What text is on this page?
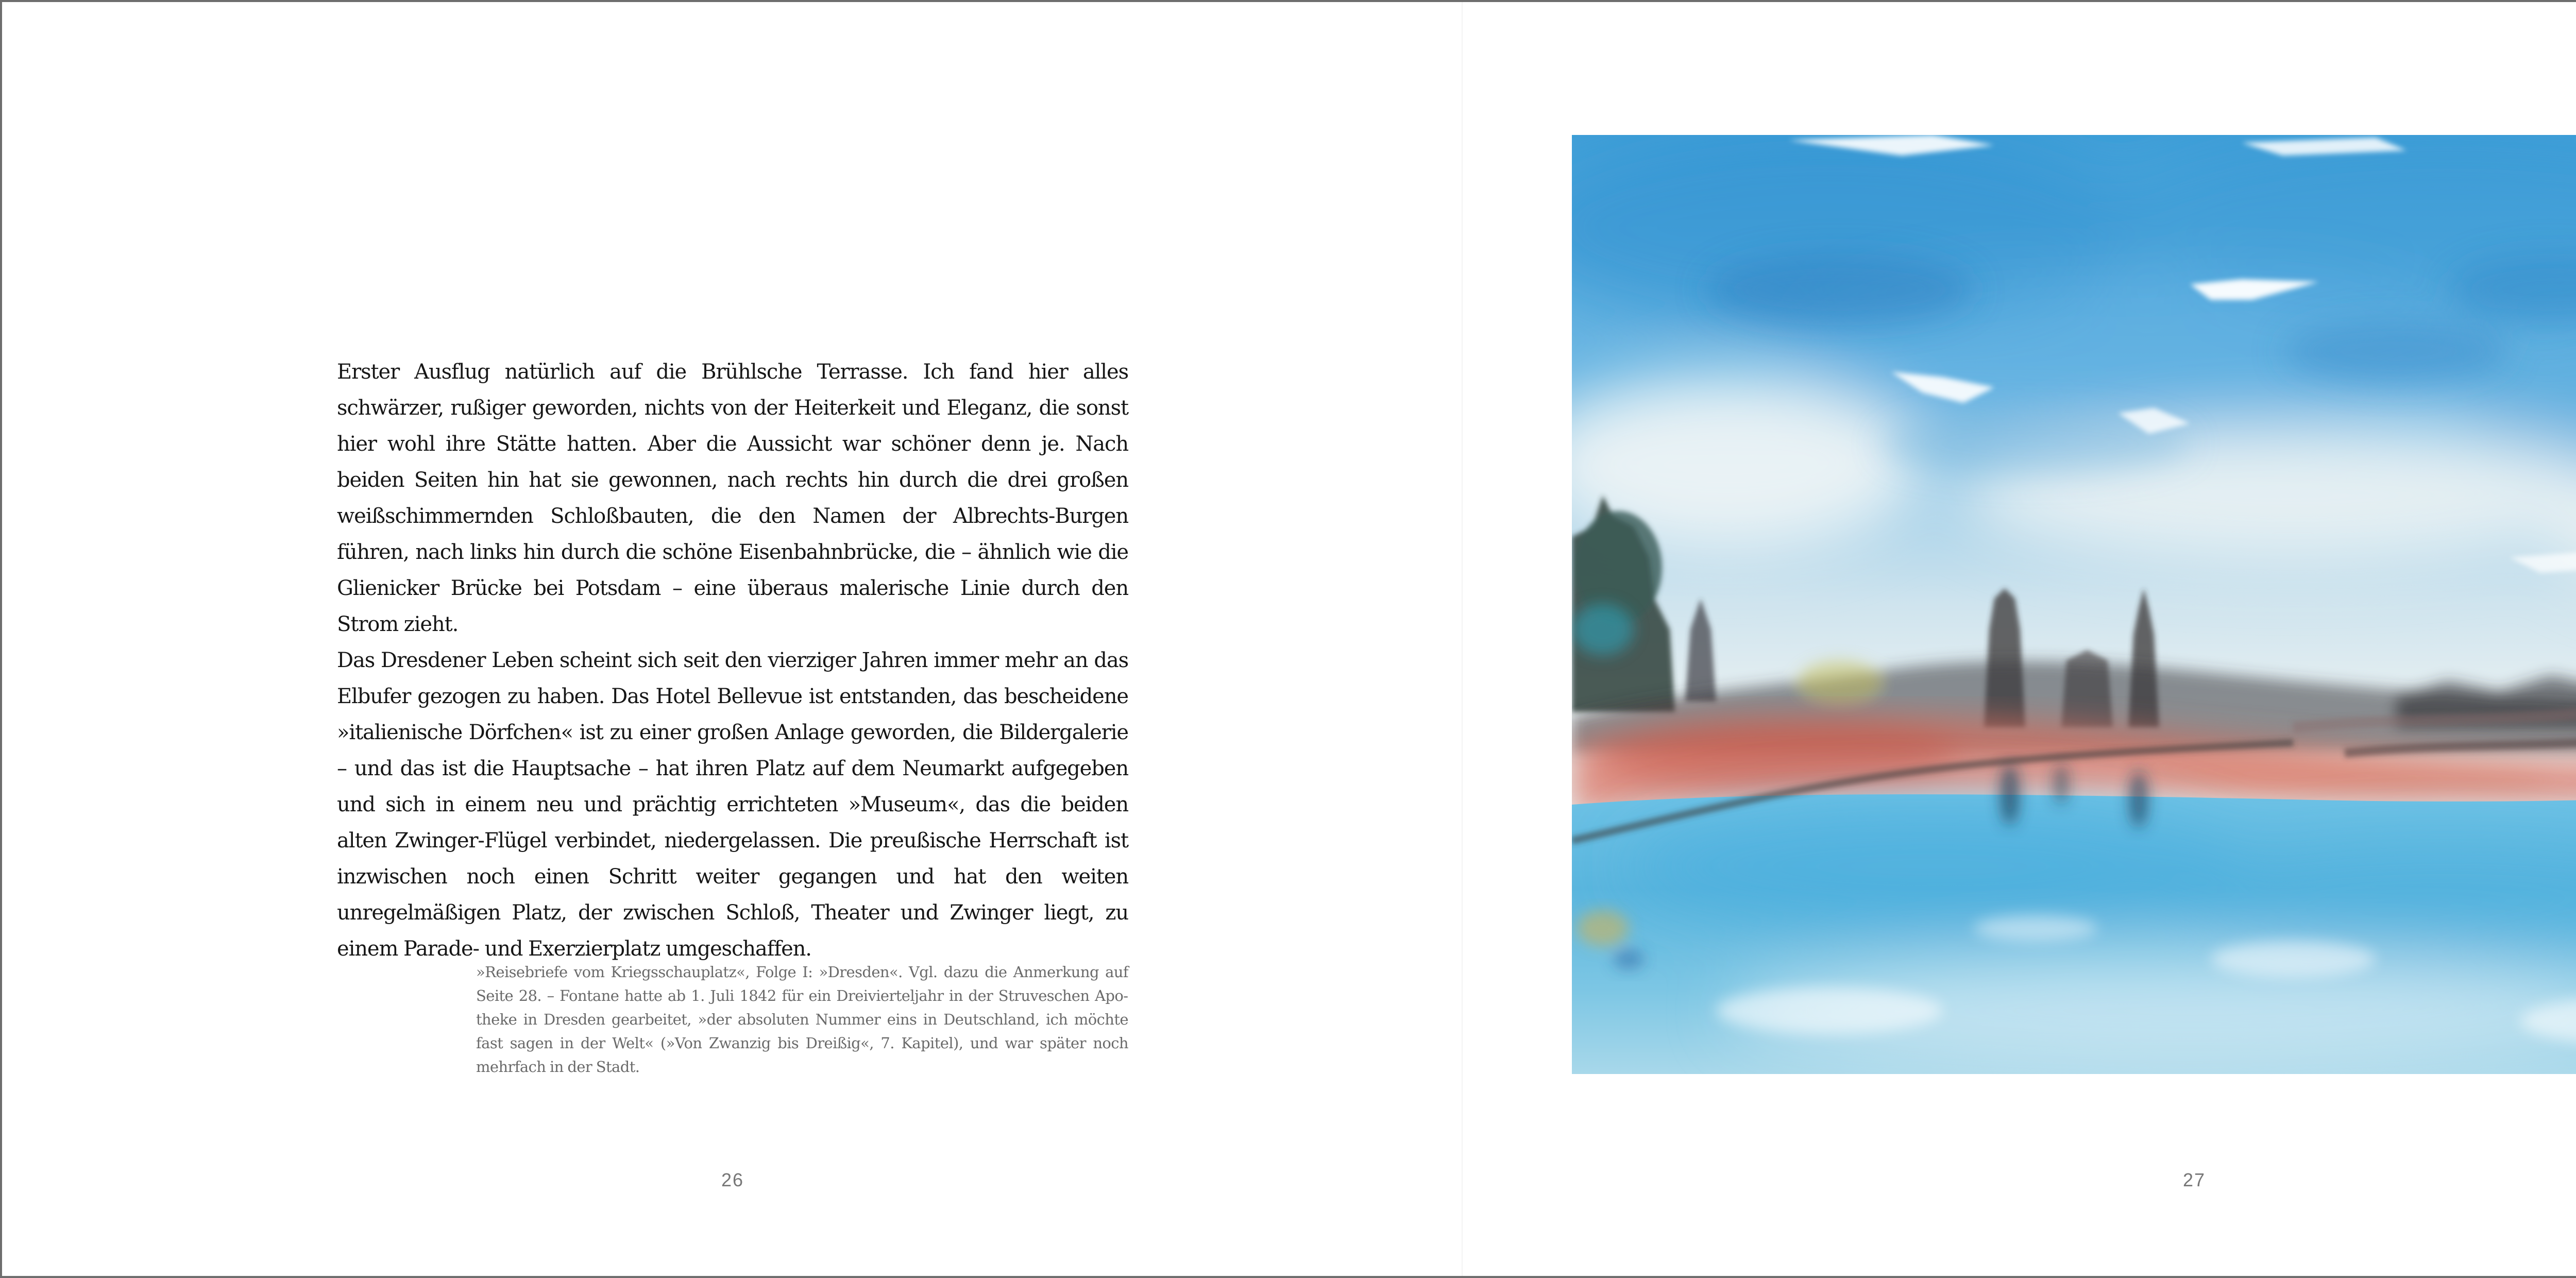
Erster Ausflug natürlich auf die Brühlsche Terrasse. Ich fand hier alles schwärzer, rußiger geworden, nichts von der Heiterkeit und Eleganz, die sonst hier wohl ihre Stätte hatten. Aber die Aussicht war schöner denn je. Nach beiden Seiten hin hat sie gewonnen, nach rechts hin durch die drei großen weißschimmernden Schloßbauten, die den Namen der Albrechts-Burgen führen, nach links hin durch die schöne Eisenbahnbrücke, die – ähnlich wie die Glienicker Brücke bei Potsdam – eine überaus malerische Linie durch den Strom zieht.

Das Dresdener Leben scheint sich seit den vierziger Jahren immer mehr an das Elbufer gezogen zu haben. Das Hotel Bellevue ist entstanden, das bescheidene »italienische Dörfchen« ist zu einer großen Anlage geworden, die Bildergalerie – und das ist die Hauptsache – hat ihren Platz auf dem Neumarkt aufgegeben und sich in einem neu und prächtig errichteten »Museum«, das die beiden alten Zwinger-Flügel verbindet, niedergelassen. Die preußische Herrschaft ist inzwischen noch einen Schritt weiter gegangen und hat den weiten unregelmäßigen Platz, der zwischen Schloß, Theater und Zwinger liegt, zu einem Parade- und Exerzierplatz umgeschaffen.

»Reisebriefe vom Kriegsschauplatz«, Folge I: »Dresden«. Vgl. dazu die Anmerkung auf Seite 28. – Fontane hatte ab 1. Juli 1842 für ein Dreivierteljahr in der Struveschen Apotheke in Dresden gearbeitet, »der absoluten Nummer eins in Deutschland, ich möchte fast sagen in der Welt« (»Von Zwanzig bis Dreißig«, 7. Kapitel), und war später noch mehrfach in der Stadt.
26	27
